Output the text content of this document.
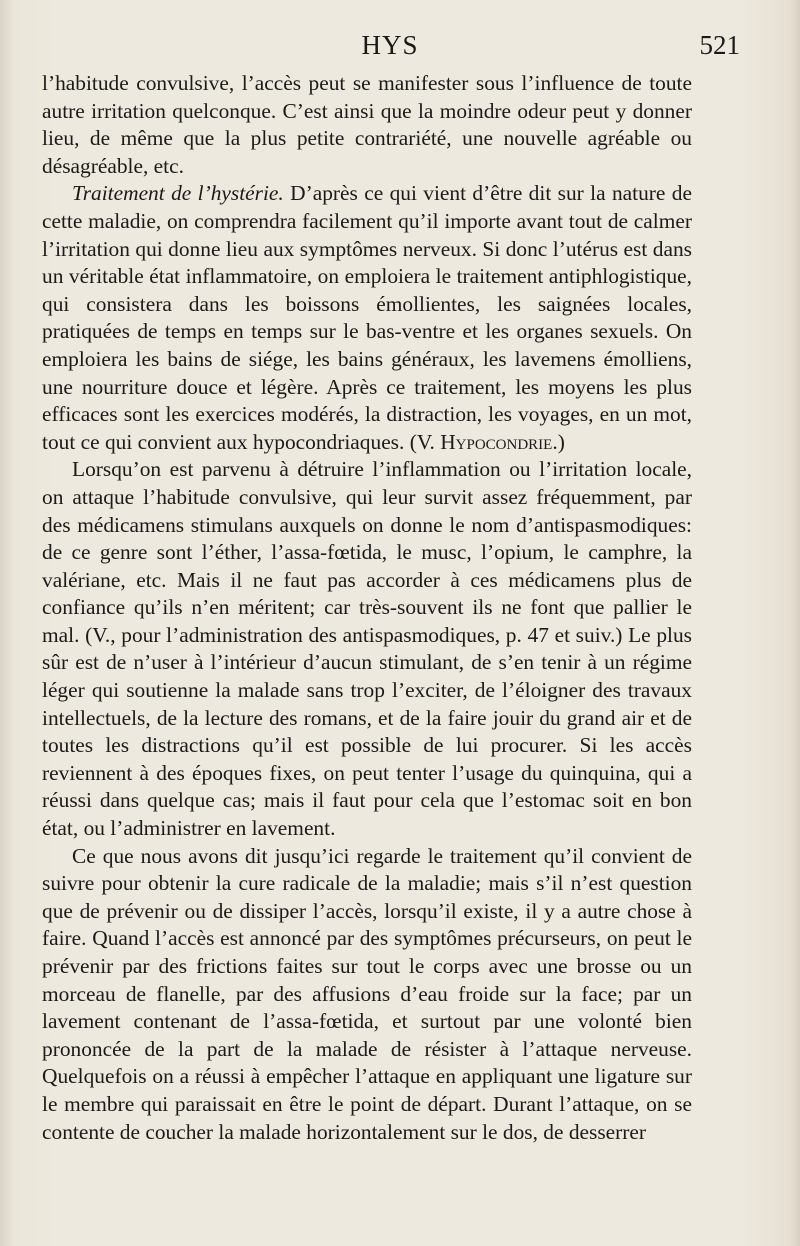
HYS	521

l’habitude convulsive, l’accès peut se manifester sous l’influence de toute autre irritation quelconque. C’est ainsi que la moindre odeur peut y donner lieu, de même que la plus petite contrariété, une nouvelle agréable ou désagréable, etc.

Traitement de l’hystérie. D’après ce qui vient d’être dit sur la nature de cette maladie, on comprendra facilement qu’il importe avant tout de calmer l’irritation qui donne lieu aux symptômes nerveux. Si donc l’utérus est dans un véritable état inflammatoire, on emploiera le traitement antiphlogistique, qui consistera dans les boissons émollientes, les saignées locales, pratiquées de temps en temps sur le bas-ventre et les organes sexuels. On emploiera les bains de siége, les bains généraux, les lavemens émolliens, une nourriture douce et légère. Après ce traitement, les moyens les plus efficaces sont les exercices modérés, la distraction, les voyages, en un mot, tout ce qui convient aux hypocondriaques. (V. Hypocondrie.)

Lorsqu’on est parvenu à détruire l’inflammation ou l’irritation locale, on attaque l’habitude convulsive, qui leur survit assez fréquemment, par des médicamens stimulans auxquels on donne le nom d’antispasmodiques: de ce genre sont l’éther, l’assa-fœtida, le musc, l’opium, le camphre, la valériane, etc. Mais il ne faut pas accorder à ces médicamens plus de confiance qu’ils n’en méritent; car très-souvent ils ne font que pallier le mal. (V., pour l’administration des antispasmodiques, p. 47 et suiv.) Le plus sûr est de n’user à l’intérieur d’aucun stimulant, de s’en tenir à un régime léger qui soutienne la malade sans trop l’exciter, de l’éloigner des travaux intellectuels, de la lecture des romans, et de la faire jouir du grand air et de toutes les distractions qu’il est possible de lui procurer. Si les accès reviennent à des époques fixes, on peut tenter l’usage du quinquina, qui a réussi dans quelque cas; mais il faut pour cela que l’estomac soit en bon état, ou l’administrer en lavement.

Ce que nous avons dit jusqu’ici regarde le traitement qu’il convient de suivre pour obtenir la cure radicale de la maladie; mais s’il n’est question que de prévenir ou de dissiper l’accès, lorsqu’il existe, il y a autre chose à faire. Quand l’accès est annoncé par des symptômes précurseurs, on peut le prévenir par des frictions faites sur tout le corps avec une brosse ou un morceau de flanelle, par des affusions d’eau froide sur la face; par un lavement contenant de l’assa-fœtida, et surtout par une volonté bien prononcée de la part de la malade de résister à l’attaque nerveuse. Quelquefois on a réussi à empêcher l’attaque en appliquant une ligature sur le membre qui paraissait en être le point de départ. Durant l’attaque, on se contente de coucher la malade horizontalement sur le dos, de desserrer
